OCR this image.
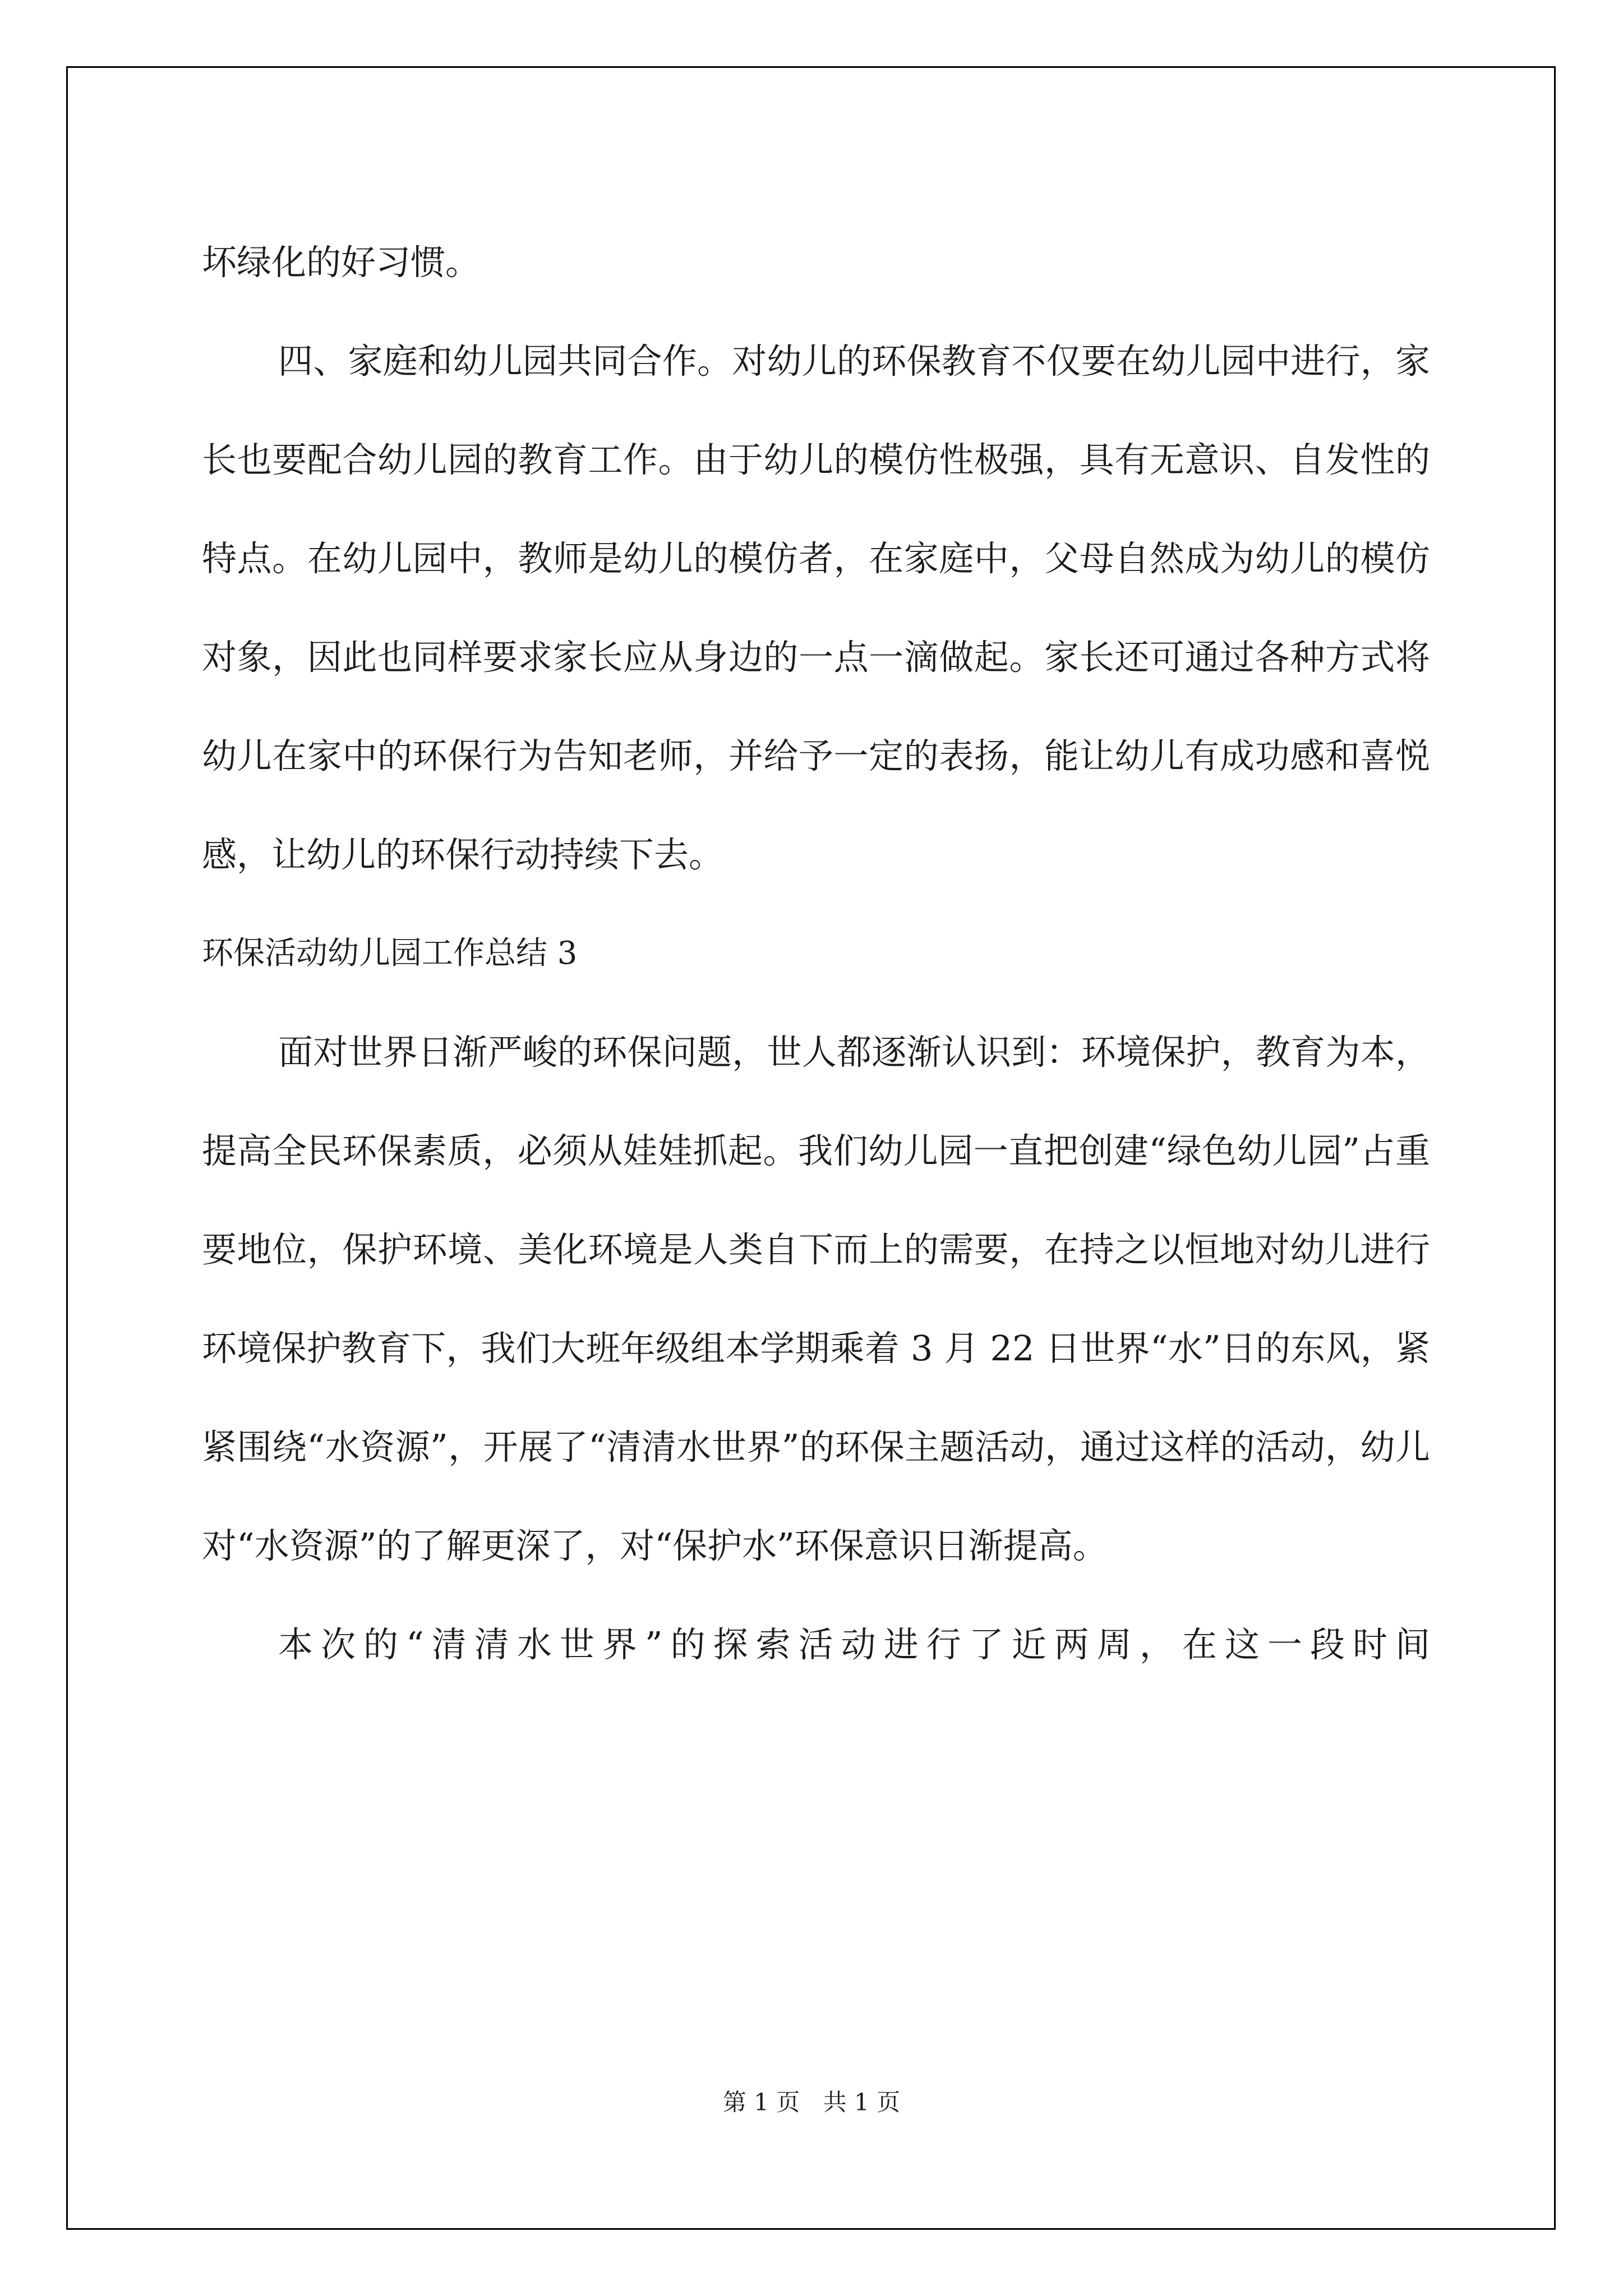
坏绿化的好习惯。

四、家庭和幼儿园共同合作。对幼儿的环保教育不仅要在幼儿园中进行，家长也要配合幼儿园的教育工作。由于幼儿的模仿性极强，具有无意识、自发性的特点。在幼儿园中，教师是幼儿的模仿者，在家庭中，父母自然成为幼儿的模仿对象，因此也同样要求家长应从身边的一点一滴做起。家长还可通过各种方式将幼儿在家中的环保行为告知老师，并给予一定的表扬，能让幼儿有成功感和喜悦感，让幼儿的环保行动持续下去。

环保活动幼儿园工作总结 3

面对世界日渐严峻的环保问题，世人都逐渐认识到：环境保护，教育为本，提高全民环保素质，必须从娃娃抓起。我们幼儿园一直把创建“绿色幼儿园”占重要地位，保护环境、美化环境是人类自下而上的需要，在持之以恒地对幼儿进行环境保护教育下，我们大班年级组本学期乘着 3 月 22 日世界“水”日的东风，紧紧围绕“水资源”，开展了“清清水世界”的环保主题活动，通过这样的活动，幼儿对“水资源”的了解更深了，对“保护水”环保意识日渐提高。

本次的“清清水世界”的探索活动进行了近两周，在这一段时间

第 1 页 共 1 页
